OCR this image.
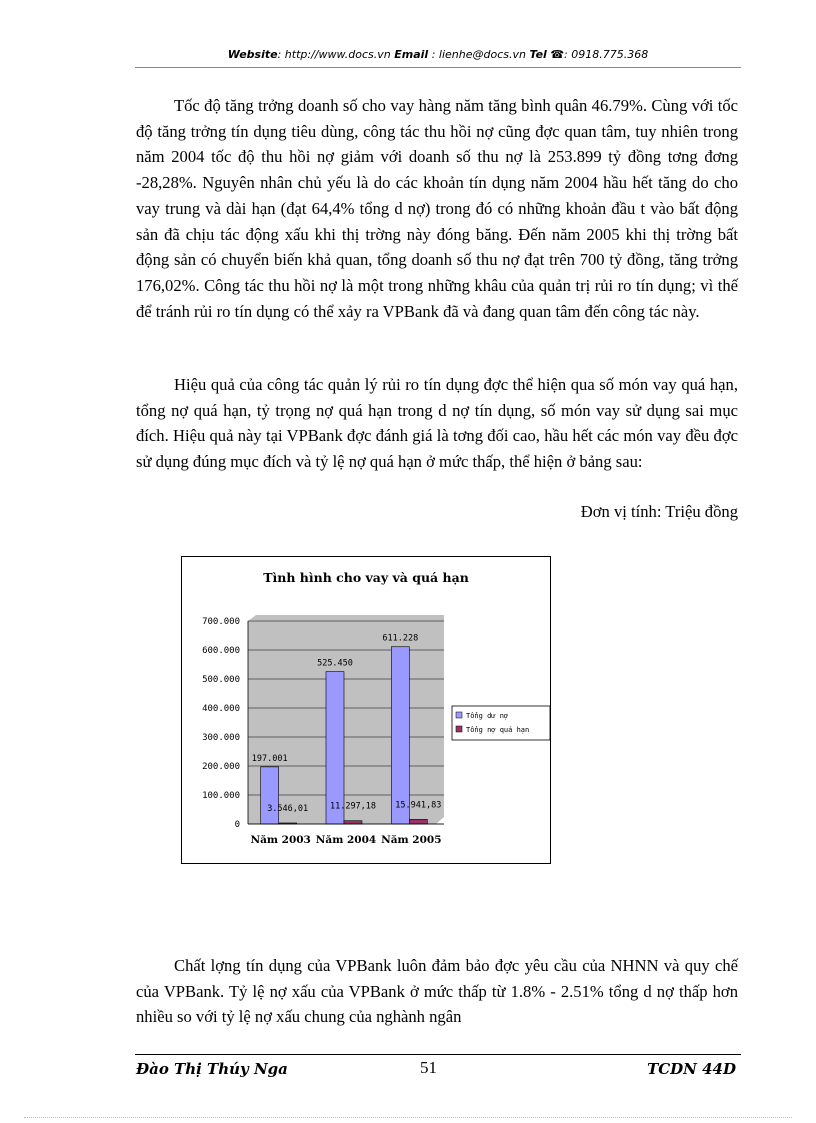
Website: http://www.docs.vn Email : lienhe@docs.vn Tel ☎: 0918.775.368

Tốc độ tăng trởng doanh số cho vay hàng năm tăng bình quân 46.79%. Cùng với tốc độ tăng trởng tín dụng tiêu dùng, công tác thu hồi nợ cũng đợc quan tâm, tuy nhiên trong năm 2004 tốc độ thu hồi nợ giảm với doanh số thu nợ là 253.899 tỷ đồng tơng đơng -28,28%. Nguyên nhân chủ yếu là do các khoản tín dụng năm 2004 hầu hết tăng do cho vay trung và dài hạn (đạt 64,4% tổng d nợ) trong đó có những khoản đầu t vào bất động sản đã chịu tác động xấu khi thị trờng này đóng băng. Đến năm 2005 khi thị trờng bất động sản có chuyển biến khả quan, tổng doanh số thu nợ đạt trên 700 tỷ đồng, tăng trởng 176,02%. Công tác thu hồi nợ là một trong những khâu của quản trị rủi ro tín dụng; vì thế để tránh rủi ro tín dụng có thể xảy ra VPBank đã và đang quan tâm đến công tác này.

Hiệu quả của công tác quản lý rủi ro tín dụng đợc thể hiện qua số món vay quá hạn, tổng nợ quá hạn, tỷ trọng nợ quá hạn trong d nợ tín dụng, số món vay sử dụng sai mục đích. Hiệu quả này tại VPBank đợc đánh giá là tơng đối cao, hầu hết các món vay đều đợc sử dụng đúng mục đích và tỷ lệ nợ quá hạn ở mức thấp, thể hiện ở bảng sau:

Đơn vị tính: Triệu đồng
Tình hình cho vay và quá hạn
0
100.000
200.000
300.000
400.000
500.000
600.000
700.000
197.001
3.546,01
525.450
11.297,18
611.228
15.941,83
Năm 2003 Năm 2004 Năm 2005
Tổng dư nợ
Tổng nợ quá hạn

Chất lợng tín dụng của VPBank luôn đảm bảo đợc yêu cầu của NHNN và quy chế của VPBank. Tỷ lệ nợ xấu của VPBank ở mức thấp từ 1.8% - 2.51% tổng d nợ thấp hơn nhiều so với tỷ lệ nợ xấu chung của nghành ngân

Đào Thị Thúy Nga	51	TCDN 44D
